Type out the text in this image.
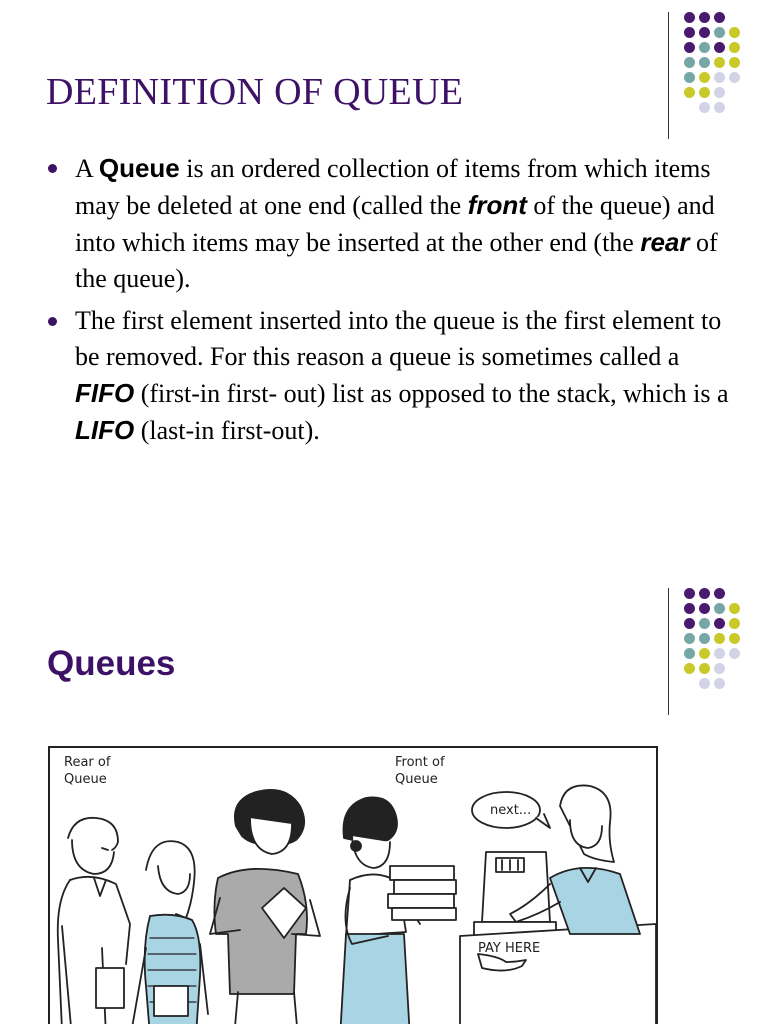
DEFINITION OF QUEUE
A Queue is an ordered collection of items from which items may be deleted at one end (called the front of the queue) and into which items may be inserted at the other end (the rear of the queue).
The first element inserted into the queue is the first element to be removed. For this reason a queue is sometimes called a FIFO (first-in first- out) list as opposed to the stack, which is a LIFO (last-in first-out).
Queues
Rear of
Queue
Front of
Queue
next...
PAY HERE
